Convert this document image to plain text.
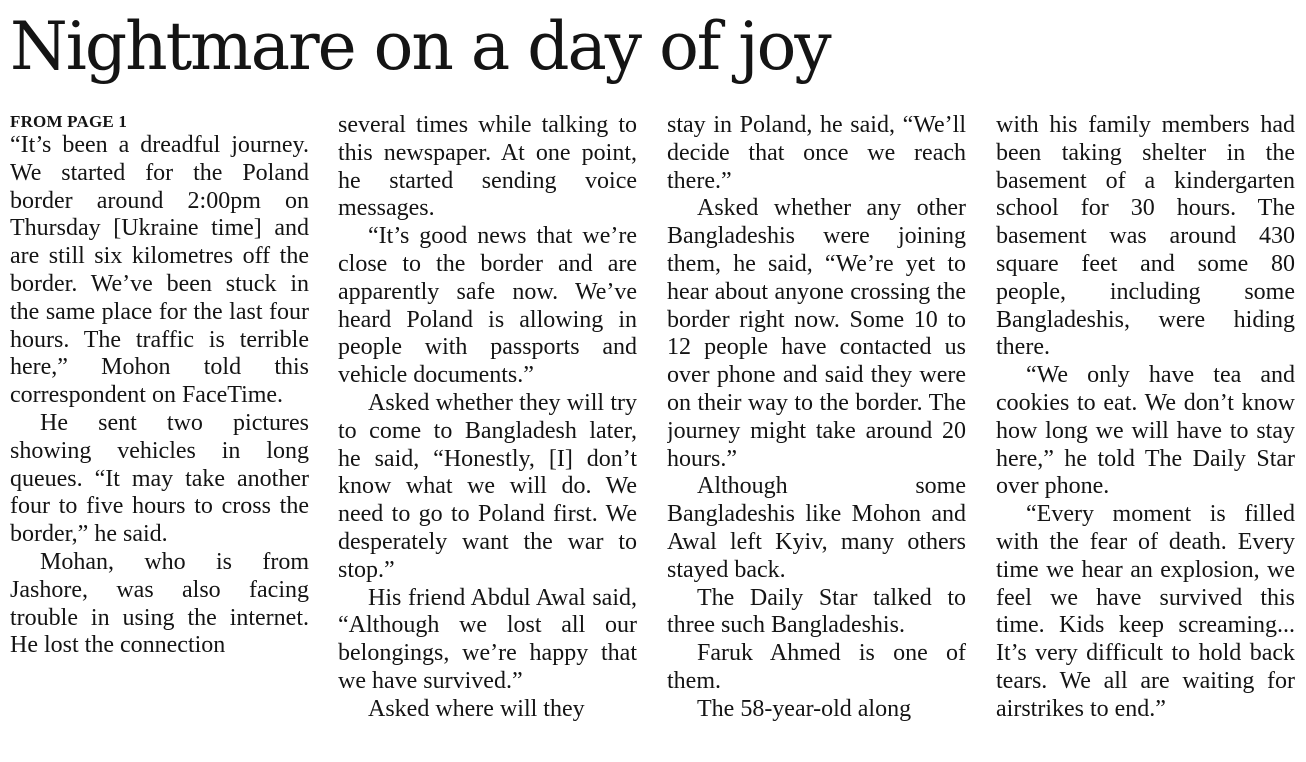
Nightmare on a day of joy
FROM PAGE 1

“It’s been a dreadful journey. We started for the Poland border around 2:00pm on Thursday [Ukraine time] and are still six kilometres off the border. We’ve been stuck in the same place for the last four hours. The traffic is terrible here,” Mohon told this correspondent on FaceTime.

He sent two pictures showing vehicles in long queues. “It may take another four to five hours to cross the border,” he said.

Mohan, who is from Jashore, was also facing trouble in using the internet. He lost the connection

several times while talking to this newspaper. At one point, he started sending voice messages.

“It’s good news that we’re close to the border and are apparently safe now. We’ve heard Poland is allowing in people with passports and vehicle documents.”

Asked whether they will try to come to Bangladesh later, he said, “Honestly, [I] don’t know what we will do. We need to go to Poland first. We desperately want the war to stop.”

His friend Abdul Awal said, “Although we lost all our belongings, we’re happy that we have survived.”

Asked where will they

stay in Poland, he said, “We’ll decide that once we reach there.”

Asked whether any other Bangladeshis were joining them, he said, “We’re yet to hear about anyone crossing the border right now. Some 10 to 12 people have contacted us over phone and said they were on their way to the border. The journey might take around 20 hours.”

Although some Bangladeshis like Mohon and Awal left Kyiv, many others stayed back.

The Daily Star talked to three such Bangladeshis.

Faruk Ahmed is one of them.

The 58-year-old along

with his family members had been taking shelter in the basement of a kindergarten school for 30 hours. The basement was around 430 square feet and some 80 people, including some Bangladeshis, were hiding there.

“We only have tea and cookies to eat. We don’t know how long we will have to stay here,” he told The Daily Star over phone.

“Every moment is filled with the fear of death. Every time we hear an explosion, we feel we have survived this time. Kids keep screaming... It’s very difficult to hold back tears. We all are waiting for airstrikes to end.”
